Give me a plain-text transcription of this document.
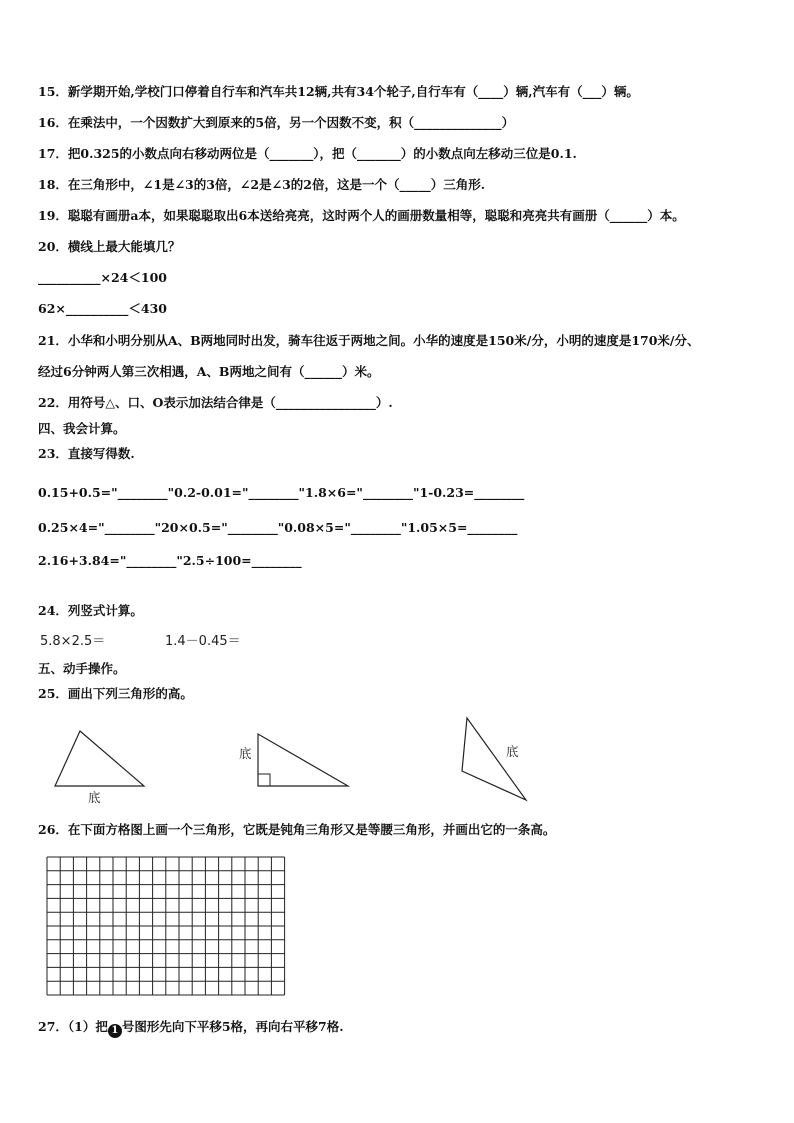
15．新学期开始,学校门口停着自行车和汽车共12辆,共有34个轮子,自行车有（____）辆,汽车有（___）辆。
16．在乘法中，一个因数扩大到原来的5倍，另一个因数不变，积（______________）
17．把0.325的小数点向右移动两位是（_______），把（_______）的小数点向左移动三位是0.1.
18．在三角形中，∠1是∠3的3倍，∠2是∠3的2倍，这是一个（_____）三角形.
19．聪聪有画册a本，如果聪聪取出6本送给亮亮，这时两个人的画册数量相等，聪聪和亮亮共有画册（______）本。
20．横线上最大能填几？
__________×24＜100
62×__________＜430
21．小华和小明分别从A、B两地同时出发，骑车往返于两地之间。小华的速度是150米/分，小明的速度是170米/分、
经过6分钟两人第三次相遇，A、B两地之间有（______）米。
22．用符号△、口、O表示加法结合律是（________________）.
四、我会计算。
23．直接写得数.
0.15+0.5="________"0.2-0.01="________"1.8×6="________"1-0.23=________
0.25×4="________"20×0.5="________"0.08×5="________"1.05×5=________
2.16+3.84="________"2.5÷100=________
24．列竖式计算。
5.8×2.5＝	1.4－0.45＝
五、动手操作。
25．画出下列三角形的高。
底
底	底
26．在下面方格图上画一个三角形，它既是钝角三角形又是等腰三角形，并画出它的一条高。
27．（1）把 1 号图形先向下平移5格，再向右平移7格.
